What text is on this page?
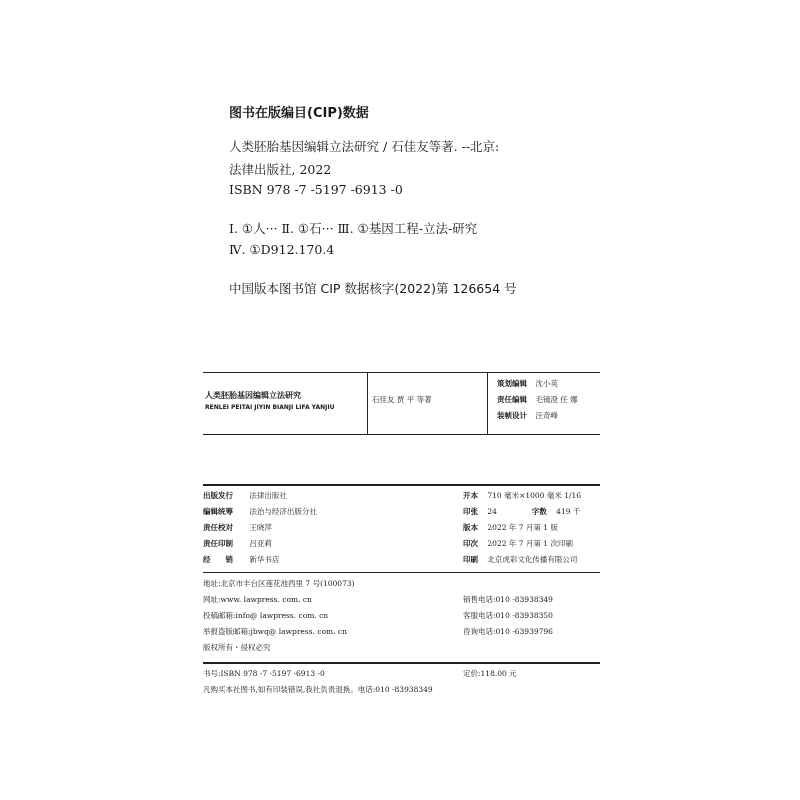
图书在版编目(CIP)数据
人类胚胎基因编辑立法研究 / 石佳友等著. --北京:
法律出版社, 2022
ISBN 978 -7 -5197 -6913 -0
Ⅰ. ①人··· Ⅱ. ①石··· Ⅲ. ①基因工程-立法-研究
Ⅳ. ①D912.170.4
中国版本图书馆 CIP 数据核字(2022)第 126654 号
人类胚胎基因编辑立法研究
RENLEI PEITAI JIYIN BIANJI LIFA YANJIU
石佳友 贾 平 等著
策划编辑 沈小英
责任编辑 毛镜澄 任 娜
装帧设计 汪奇峰
出版发行 法律出版社
编辑统筹 法治与经济出版分社
责任校对 王晓萍
责任印制 吕亚莉
经　　销 新华书店
开本 710 毫米×1000 毫米 1/16
印张 24	字数 419 千
版本 2022 年 7 月第 1 版
印次 2022 年 7 月第 1 次印刷
印刷 北京虎彩文化传播有限公司
地址:北京市丰台区莲花池西里 7 号(100073)
网址:www. lawpress. com. cn
投稿邮箱:info@ lawpress. com. cn
举报盗版邮箱:jbwq@ lawpress. com. cn
版权所有・侵权必究
销售电话:010 -83938349
客服电话:010 -83938350
咨询电话:010 -63939796
书号:ISBN 978 -7 -5197 -6913 -0	定价:118.00 元
凡购买本社图书,如有印装错误,我社负责退换。电话:010 -83938349
